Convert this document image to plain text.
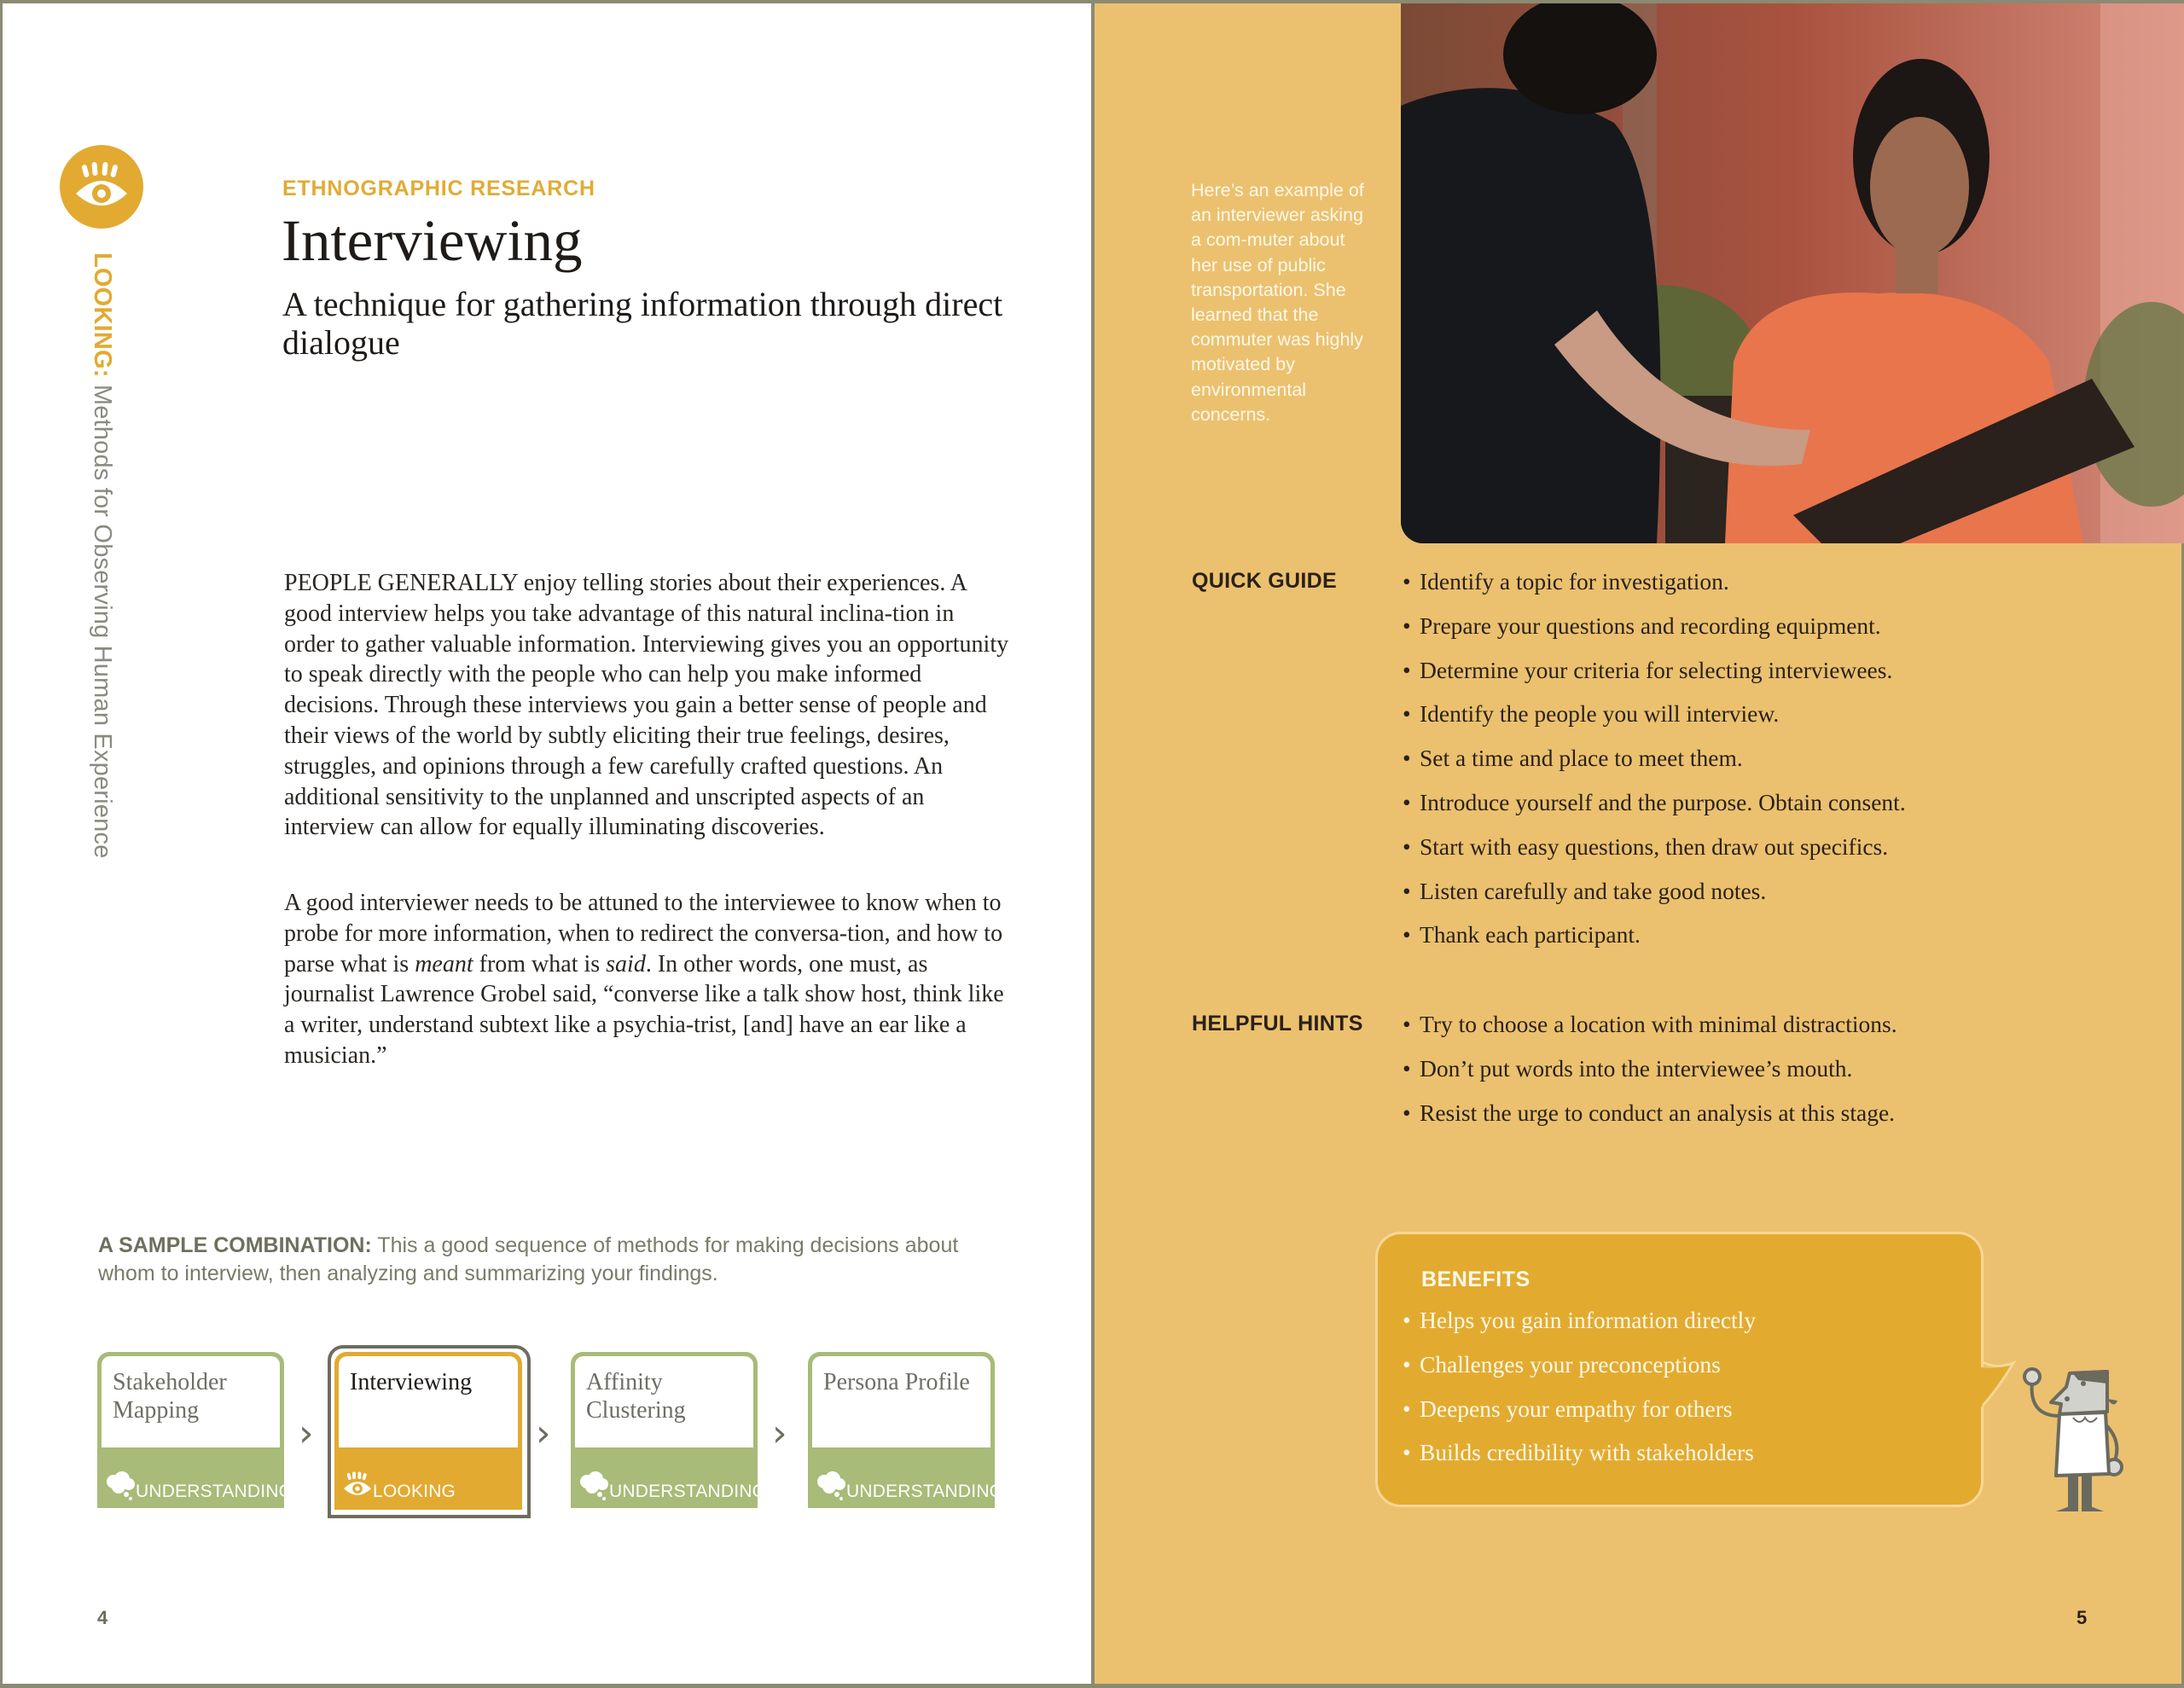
LOOKING: Methods for Observing Human Experience
ETHNOGRAPHIC RESEARCH
Interviewing
A technique for gathering information through direct dialogue
PEOPLE GENERALLY enjoy telling stories about their experiences. A good interview helps you take advantage of this natural inclina-tion in order to gather valuable information. Interviewing gives you an opportunity to speak directly with the people who can help you make informed decisions. Through these interviews you gain a better sense of people and their views of the world by subtly eliciting their true feelings, desires, struggles, and opinions through a few carefully crafted questions. An additional sensitivity to the unplanned and unscripted aspects of an interview can allow for equally illuminating discoveries.
A good interviewer needs to be attuned to the interviewee to know when to probe for more information, when to redirect the conversa-tion, and how to parse what is meant from what is said. In other words, one must, as journalist Lawrence Grobel said, “converse like a talk show host, think like a writer, understand subtext like a psychia-trist, [and] have an ear like a musician.”
A SAMPLE COMBINATION: This a good sequence of methods for making decisions about whom to interview, then analyzing and summarizing your findings.
Stakeholder Mapping
UNDERSTANDING
›
Interviewing
LOOKING
›
Affinity Clustering
UNDERSTANDING
›
Persona Profile
UNDERSTANDING
4
Here’s an example of an interviewer asking a com-muter about her use of public transportation. She learned that the commuter was highly motivated by environmental concerns.
QUICK GUIDE	• Identify a topic for investigation.
• Prepare your questions and recording equipment.
• Determine your criteria for selecting interviewees.
• Identify the people you will interview.
• Set a time and place to meet them.
• Introduce yourself and the purpose. Obtain consent.
• Start with easy questions, then draw out specifics.
• Listen carefully and take good notes.
• Thank each participant.
HELPFUL HINTS	• Try to choose a location with minimal distractions.
• Don’t put words into the interviewee’s mouth.
• Resist the urge to conduct an analysis at this stage.
BENEFITS
• Helps you gain information directly
• Challenges your preconceptions
• Deepens your empathy for others
• Builds credibility with stakeholders
5
